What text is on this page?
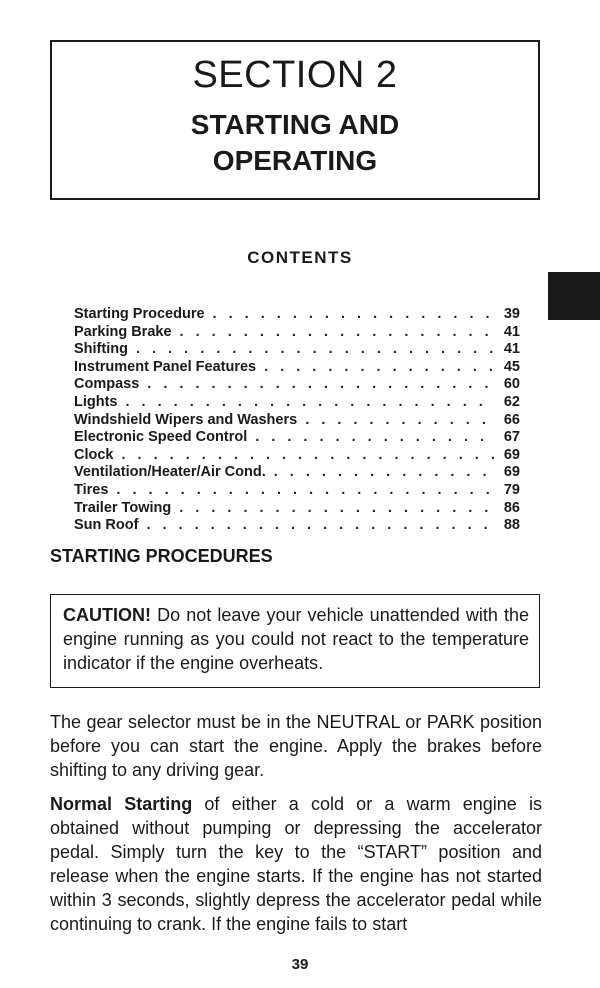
SECTION 2
STARTING AND
OPERATING
CONTENTS
Starting Procedure . . .	39
Parking Brake . . .	41
Shifting . . .	41
Instrument Panel Features . . .	45
Compass . . .	60
Lights . . .	62
Windshield Wipers and Washers . . .	66
Electronic Speed Control . . .	67
Clock . . .	69
Ventilation/Heater/Air Cond. . . .	69
Tires . . .	79
Trailer Towing . . .	86
Sun Roof . . .	88
STARTING PROCEDURES
CAUTION! Do not leave your vehicle unattended with the engine running as you could not react to the temperature indicator if the engine overheats.
The gear selector must be in the NEUTRAL or PARK position before you can start the engine. Apply the brakes before shifting to any driving gear.
Normal Starting of either a cold or a warm engine is obtained without pumping or depressing the accelerator pedal. Simply turn the key to the “START” position and release when the engine starts. If the engine has not started within 3 seconds, slightly depress the accelerator pedal while continuing to crank. If the engine fails to start
39
